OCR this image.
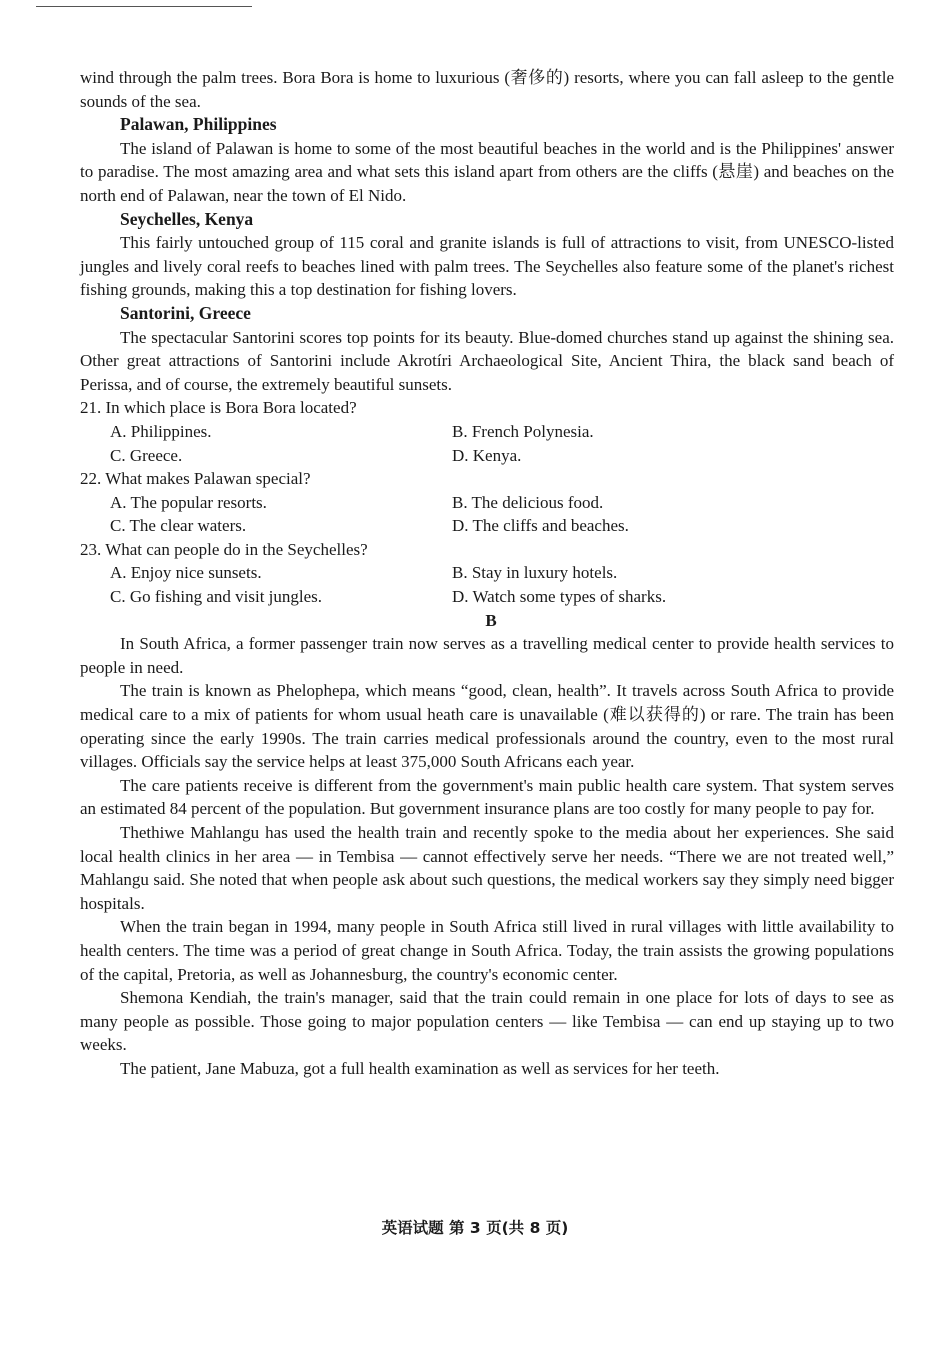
wind through the palm trees. Bora Bora is home to luxurious (奢侈的) resorts, where you can fall asleep to the gentle sounds of the sea.

Palawan, Philippines

The island of Palawan is home to some of the most beautiful beaches in the world and is the Philippines' answer to paradise. The most amazing area and what sets this island apart from others are the cliffs (悬崖) and beaches on the north end of Palawan, near the town of El Nido.

Seychelles, Kenya

This fairly untouched group of 115 coral and granite islands is full of attractions to visit, from UNESCO-listed jungles and lively coral reefs to beaches lined with palm trees. The Seychelles also feature some of the planet's richest fishing grounds, making this a top destination for fishing lovers.

Santorini, Greece

The spectacular Santorini scores top points for its beauty. Blue-domed churches stand up against the shining sea. Other great attractions of Santorini include Akrotíri Archaeological Site, Ancient Thira, the black sand beach of Perissa, and of course, the extremely beautiful sunsets.

21. In which place is Bora Bora located?
A. Philippines.	B. French Polynesia.
C. Greece.	D. Kenya.
22. What makes Palawan special?
A. The popular resorts.	B. The delicious food.
C. The clear waters.	D. The cliffs and beaches.
23. What can people do in the Seychelles?
A. Enjoy nice sunsets.	B. Stay in luxury hotels.
C. Go fishing and visit jungles.	D. Watch some types of sharks.
B

In South Africa, a former passenger train now serves as a travelling medical center to provide health services to people in need.

The train is known as Phelophepa, which means “good, clean, health”. It travels across South Africa to provide medical care to a mix of patients for whom usual heath care is unavailable (难以获得的) or rare. The train has been operating since the early 1990s. The train carries medical professionals around the country, even to the most rural villages. Officials say the service helps at least 375,000 South Africans each year.

The care patients receive is different from the government's main public health care system. That system serves an estimated 84 percent of the population. But government insurance plans are too costly for many people to pay for.

Thethiwe Mahlangu has used the health train and recently spoke to the media about her experiences. She said local health clinics in her area — in Tembisa — cannot effectively serve her needs. “There we are not treated well,” Mahlangu said. She noted that when people ask about such questions, the medical workers say they simply need bigger hospitals.

When the train began in 1994, many people in South Africa still lived in rural villages with little availability to health centers. The time was a period of great change in South Africa. Today, the train assists the growing populations of the capital, Pretoria, as well as Johannesburg, the country's economic center.

Shemona Kendiah, the train's manager, said that the train could remain in one place for lots of days to see as many people as possible. Those going to major population centers — like Tembisa — can end up staying up to two weeks.

The patient, Jane Mabuza, got a full health examination as well as services for her teeth.

英语试题 第 3 页(共 8 页)
